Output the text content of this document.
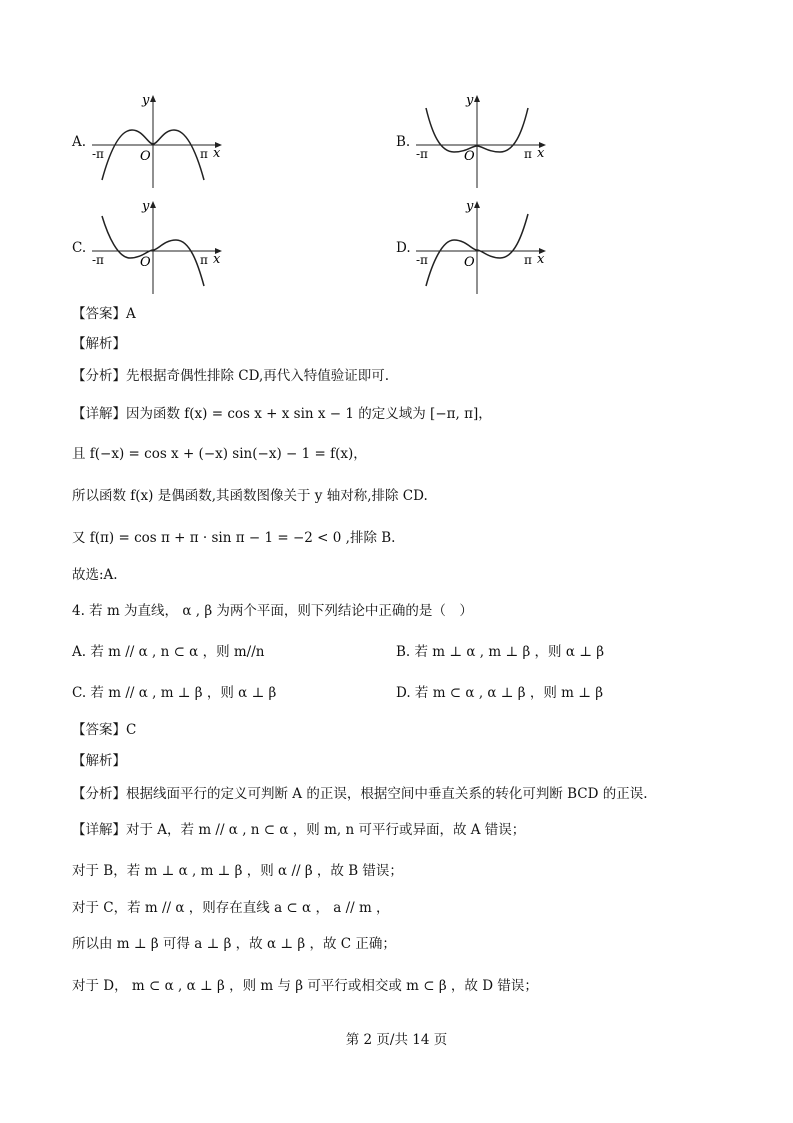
A.
-π	π
O	x
y
B.
-π	π
O	x
y
C.
-π	π
O	x
y
D.
-π	π
O	x
y
【答案】A
【解析】
【分析】先根据奇偶性排除 CD,再代入特值验证即可.
【详解】因为函数 f(x) = cos x + x sin x − 1 的定义域为 [−π, π]，
且 f(−x) = cos x + (−x) sin(−x) − 1 = f(x)，
所以函数 f(x) 是偶函数,其函数图像关于 y 轴对称,排除 CD.
又 f(π) = cos π + π · sin π − 1 = −2 < 0 ,排除 B.
故选:A.
4. 若 m 为直线， α , β 为两个平面，则下列结论中正确的是（　）
A. 若 m // α , n ⊂ α ，则 m//n	B. 若 m ⊥ α , m ⊥ β ，则 α ⊥ β
C. 若 m // α , m ⊥ β ，则 α ⊥ β	D. 若 m ⊂ α , α ⊥ β ，则 m ⊥ β
【答案】C
【解析】
【分析】根据线面平行的定义可判断 A 的正误，根据空间中垂直关系的转化可判断 BCD 的正误.
【详解】对于 A，若 m // α , n ⊂ α ，则 m, n 可平行或异面，故 A 错误；
对于 B，若 m ⊥ α , m ⊥ β ，则 α // β ，故 B 错误；
对于 C，若 m // α ，则存在直线 a ⊂ α ， a // m ，
所以由 m ⊥ β 可得 a ⊥ β ，故 α ⊥ β ，故 C 正确；
对于 D， m ⊂ α , α ⊥ β ，则 m 与 β 可平行或相交或 m ⊂ β ，故 D 错误；
第 2 页/共 14 页
